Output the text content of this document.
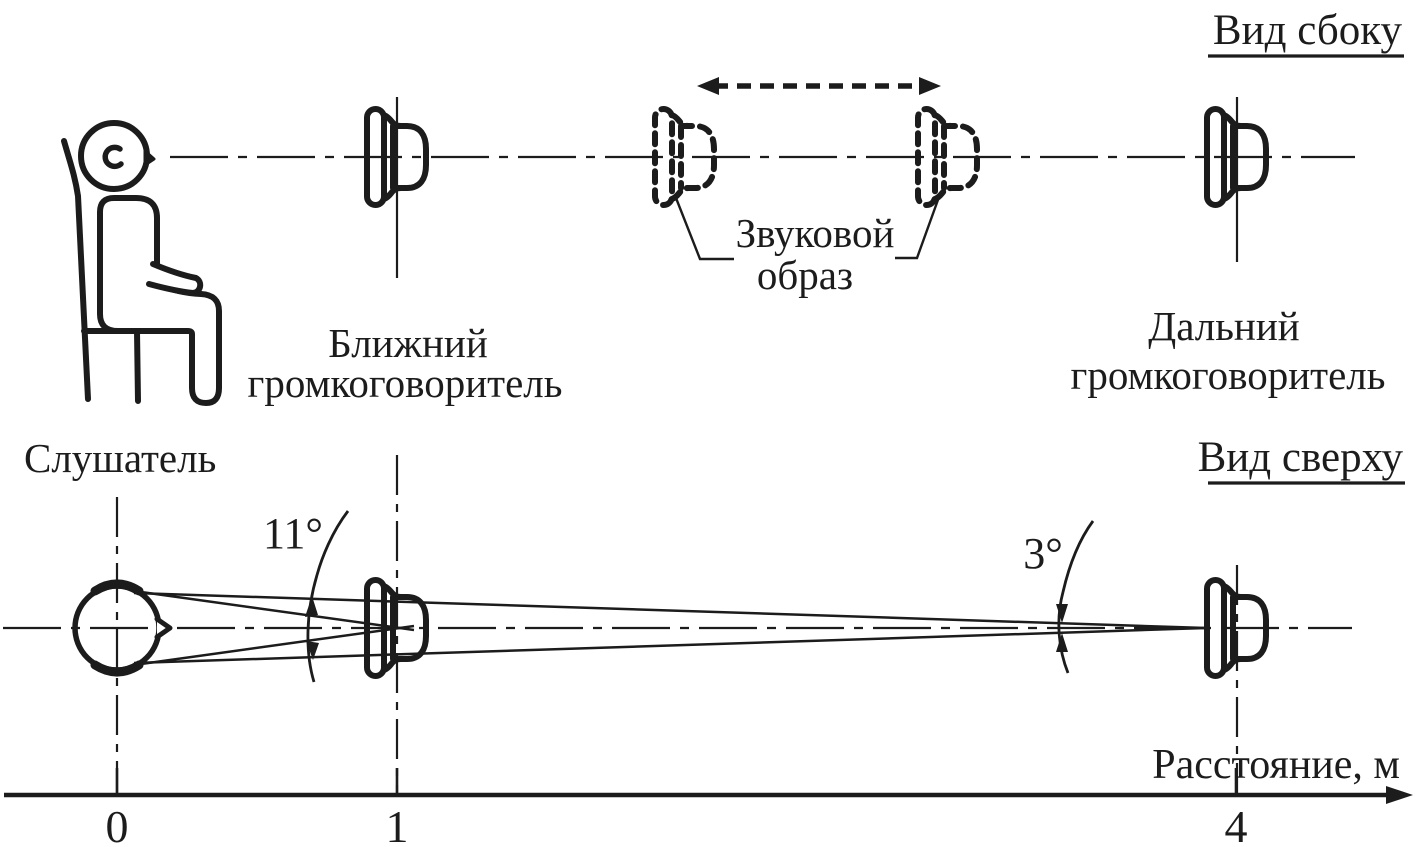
Звуковой
образ
Ближний
громкоговоритель
Дальний
громкоговоритель
Слушатель
Вид сбоку
11°	3°
Вид сверху
0	1	4
Расстояние, м
